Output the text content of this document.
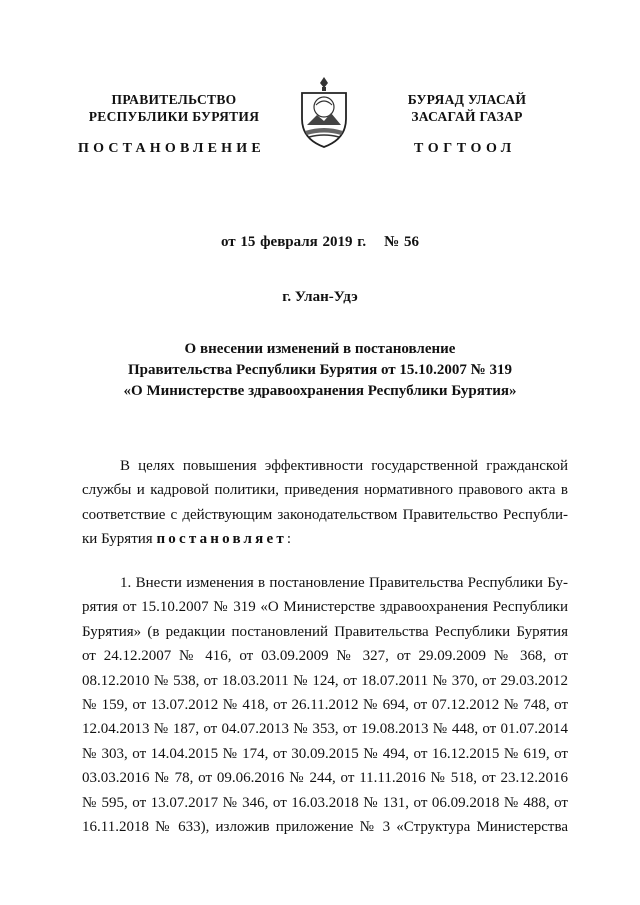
ПРАВИТЕЛЬСТВО
РЕСПУБЛИКИ БУРЯТИЯ
БУРЯАД УЛАСАЙ
ЗАСАГАЙ ГАЗАР
ПОСТАНОВЛЕНИЕ	ТОГТООЛ
от 15 февраля 2019 г. № 56
г. Улан-Удэ
О внесении изменений в постановление
Правительства Республики Бурятия от 15.10.2007 № 319
«О Министерстве здравоохранения Республики Бурятия»
В целях повышения эффективности государственной гражданской
службы и кадровой политики, приведения нормативного правового акта в
соответствие с действующим законодательством Правительство Республи-
ки Бурятия постановляет:
1. Внести изменения в постановление Правительства Республики Бу-
рятия от 15.10.2007 № 319 «О Министерстве здравоохранения Республики
Бурятия» (в редакции постановлений Правительства Республики Бурятия
от 24.12.2007 № 416, от 03.09.2009 № 327, от 29.09.2009 № 368, от
08.12.2010 № 538, от 18.03.2011 № 124, от 18.07.2011 № 370, от 29.03.2012
№ 159, от 13.07.2012 № 418, от 26.11.2012 № 694, от 07.12.2012 № 748, от
12.04.2013 № 187, от 04.07.2013 № 353, от 19.08.2013 № 448, от 01.07.2014
№ 303, от 14.04.2015 № 174, от 30.09.2015 № 494, от 16.12.2015 № 619, от
03.03.2016 № 78, от 09.06.2016 № 244, от 11.11.2016 № 518, от 23.12.2016
№ 595, от 13.07.2017 № 346, от 16.03.2018 № 131, от 06.09.2018 № 488, от
16.11.2018 № 633), изложив приложение № 3 «Структура Министерства
